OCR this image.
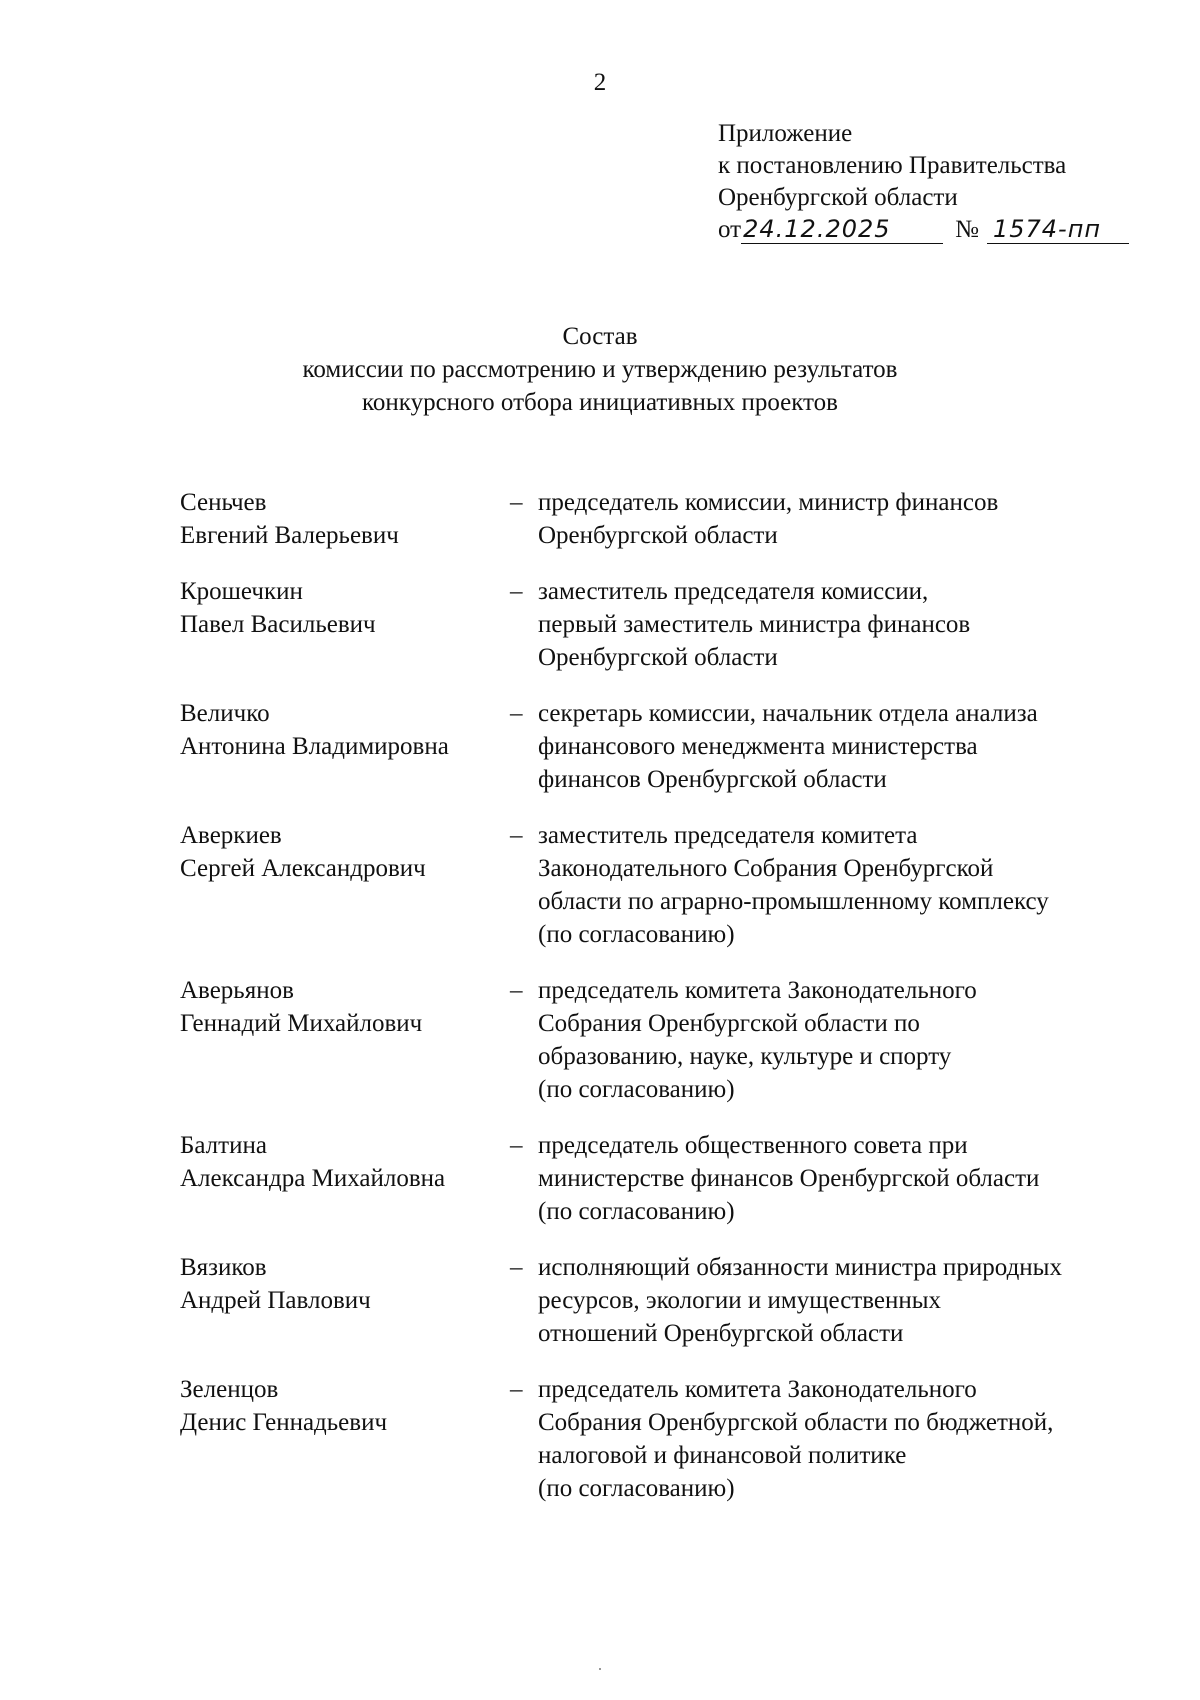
2
Приложение
к постановлению Правительства
Оренбургской области
от24.12.2025	№ 1574-пп
Состав
комиссии по рассмотрению и утверждению результатов
конкурсного отбора инициативных проектов
Сеньчев
Евгений Валерьевич
– председатель комиссии, министр финансов
Оренбургской области
Крошечкин
Павел Васильевич
– заместитель председателя комиссии,
первый заместитель министра финансов
Оренбургской области
Величко
Антонина Владимировна
– секретарь комиссии, начальник отдела анализа
финансового менеджмента министерства
финансов Оренбургской области
Аверкиев
Сергей Александрович
– заместитель председателя комитета
Законодательного Собрания Оренбургской
области по аграрно-промышленному комплексу
(по согласованию)
Аверьянов
Геннадий Михайлович
– председатель комитета Законодательного
Собрания Оренбургской области по
образованию, науке, культуре и спорту
(по согласованию)
Балтина
Александра Михайловна
– председатель общественного совета при
министерстве финансов Оренбургской области
(по согласованию)
Вязиков
Андрей Павлович
– исполняющий обязанности министра природных
ресурсов, экологии и имущественных
отношений Оренбургской области
Зеленцов
Денис Геннадьевич
– председатель комитета Законодательного
Собрания Оренбургской области по бюджетной,
налоговой и финансовой политике
(по согласованию)
